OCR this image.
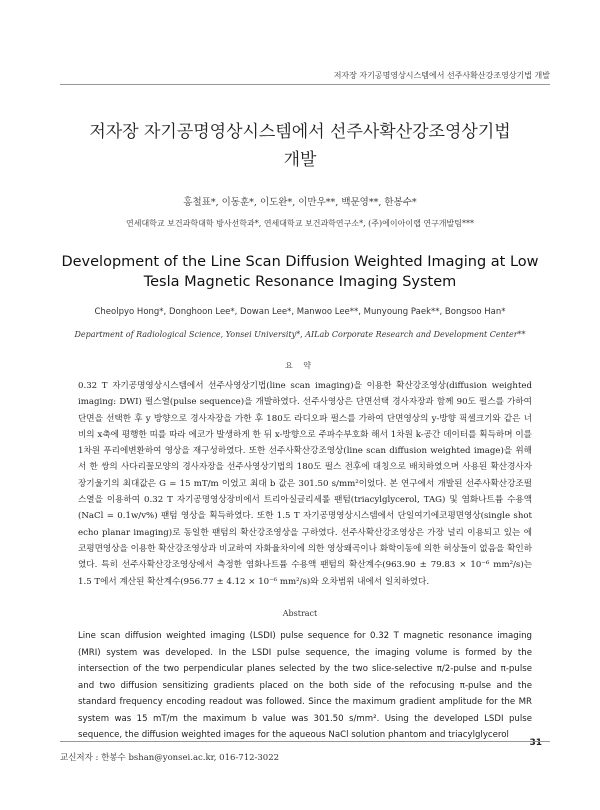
저자장 자기공명영상시스템에서 선주사확산강조영상기법 개발
저자장 자기공명영상시스템에서 선주사확산강조영상기법
개발
홍철표*, 이동훈*, 이도완*, 이만우**, 백문영**, 한봉수*
연세대학교 보건과학대학 방사선학과*, 연세대학교 보건과학연구소*, (주)에이아이랩 연구개발팀***
Development of the Line Scan Diffusion Weighted Imaging at Low
Tesla Magnetic Resonance Imaging System
Cheolpyo Hong*, Donghoon Lee*, Dowan Lee*, Manwoo Lee**, Munyoung Paek**, Bongsoo Han*
Department of Radiological Science, Yonsei University*, AILab Corporate Research and Development Center**
요 약

0.32 T 자기공명영상시스템에서 선주사영상기법(line scan imaging)을 이용한 확산강조영상(diffusion weighted imaging: DWI) 펄스열(pulse sequence)을 개발하였다. 선주사영상은 단면선택 경사자장과 함께 90도 펄스를 가하여 단면을 선택한 후 y 방향으로 경사자장을 가한 후 180도 라디오파 펄스를 가하여 단면영상의 y-방향 픽셀크기와 같은 너비의 x축에 평행한 띠를 따라 에코가 발생하게 한 뒤 x-방향으로 주파수부호화 해서 1차원 k-공간 데이터를 획득하며 이를 1차원 푸리에변환하여 영상을 재구성하였다. 또한 선주사확산강조영상(line scan diffusion weighted image)을 위해서 한 쌍의 사다리꼴모양의 경사자장을 선주사영상기법의 180도 펄스 전후에 대칭으로 배치하였으며 사용된 확산경사자장기울기의 최대값은 G = 15 mT/m 이었고 최대 b 값은 301.50 s/mm²이었다. 본 연구에서 개발된 선주사확산강조펄스열을 이용하여 0.32 T 자기공명영상장비에서 트리아실글리세롤 팬텀(triacylglycerol, TAG) 및 염화나트륨 수용액 (NaCl = 0.1w/v%) 팬텀 영상을 획득하였다. 또한 1.5 T 자기공명영상시스템에서 단일여기에코평면영상(single shot echo planar imaging)로 동일한 팬텀의 확산강조영상을 구하였다. 선주사확산강조영상은 가장 널리 이용되고 있는 에코평면영상을 이용한 확산강조영상과 비교하여 자화율차이에 의한 영상왜곡이나 화학이동에 의한 허상들이 없음을 확인하였다. 특히 선주사확산강조영상에서 측정한 염화나트륨 수용액 팬텀의 확산계수(963.90 ± 79.83 × 10⁻⁶ mm²/s)는 1.5 T에서 계산된 확산계수(956.77 ± 4.12 × 10⁻⁶ mm²/s)와 오차범위 내에서 일치하였다.

Abstract

Line scan diffusion weighted imaging (LSDI) pulse sequence for 0.32 T magnetic resonance imaging (MRI) system was developed. In the LSDI pulse sequence, the imaging volume is formed by the intersection of the two perpendicular planes selected by the two slice-selective π/2-pulse and π-pulse and two diffusion sensitizing gradients placed on the both side of the refocusing π-pulse and the standard frequency encoding readout was followed. Since the maximum gradient amplitude for the MR system was 15 mT/m the maximum b value was 301.50 s/mm². Using the developed LSDI pulse sequence, the diffusion weighted images for the aqueous NaCl solution phantom and triacylglycerol

31
교신저자 : 한봉수 bshan@yonsei.ac.kr, 016-712-3022
